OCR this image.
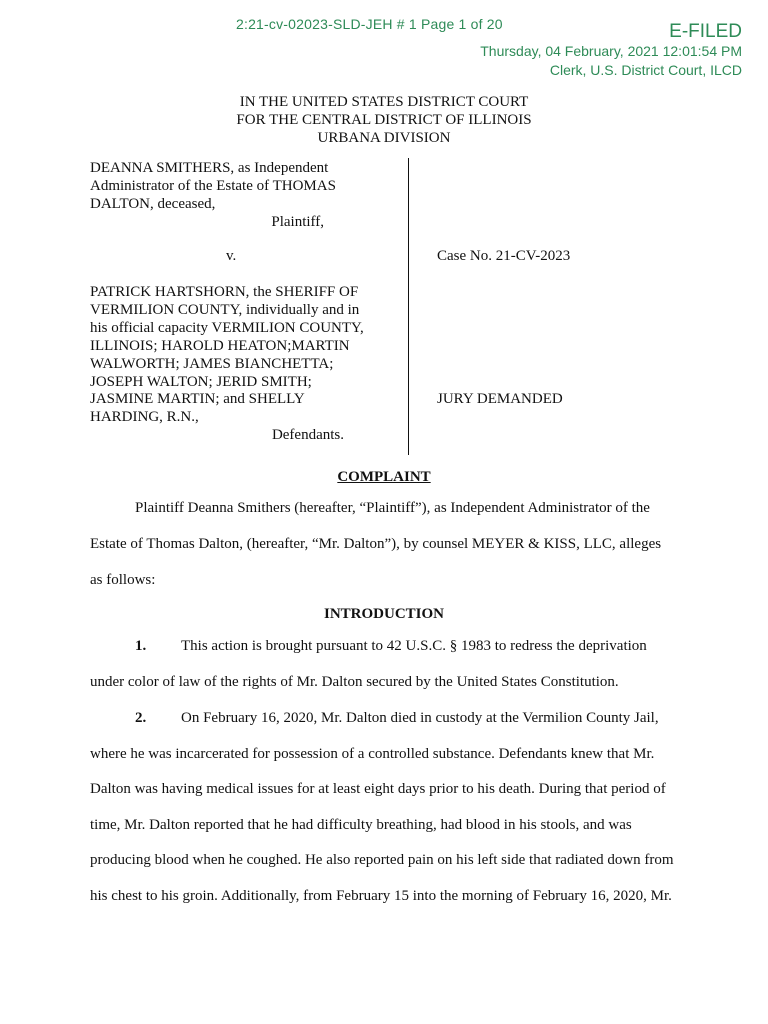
2:21-cv-02023-SLD-JEH # 1 Page 1 of 20	E-FILED
Thursday, 04 February, 2021 12:01:54 PM
Clerk, U.S. District Court, ILCD
IN THE UNITED STATES DISTRICT COURT
FOR THE CENTRAL DISTRICT OF ILLINOIS
URBANA DIVISION
DEANNA SMITHERS, as Independent
Administrator of the Estate of THOMAS
DALTON, deceased,
Plaintiff,
v.	Case No. 21-CV-2023
PATRICK HARTSHORN, the SHERIFF OF
VERMILION COUNTY, individually and in
his official capacity VERMILION COUNTY,
ILLINOIS; HAROLD HEATON;MARTIN
WALWORTH; JAMES BIANCHETTA;
JOSEPH WALTON; JERID SMITH;
JASMINE MARTIN; and SHELLY
HARDING, R.N.,
Defendants.
JURY DEMANDED
COMPLAINT
Plaintiff Deanna Smithers (hereafter, “Plaintiff”), as Independent Administrator of the
Estate of Thomas Dalton, (hereafter, “Mr. Dalton”), by counsel MEYER & KISS, LLC, alleges
as follows:
INTRODUCTION
1. This action is brought pursuant to 42 U.S.C. § 1983 to redress the deprivation
under color of law of the rights of Mr. Dalton secured by the United States Constitution.
2. On February 16, 2020, Mr. Dalton died in custody at the Vermilion County Jail,
where he was incarcerated for possession of a controlled substance. Defendants knew that Mr.
Dalton was having medical issues for at least eight days prior to his death. During that period of
time, Mr. Dalton reported that he had difficulty breathing, had blood in his stools, and was
producing blood when he coughed. He also reported pain on his left side that radiated down from
his chest to his groin. Additionally, from February 15 into the morning of February 16, 2020, Mr.
